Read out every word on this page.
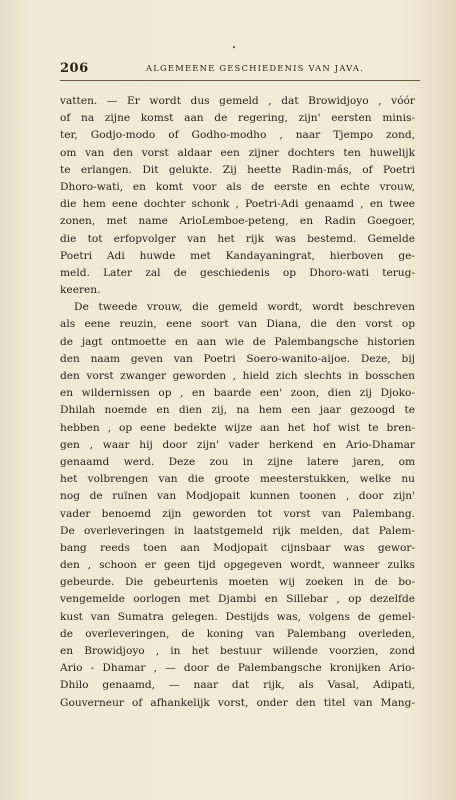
•
206	ALGEMEENE GESCHIEDENIS VAN JAVA.
vatten. — Er wordt dus gemeld , dat Browidjoyo , vóór
of na zijne komst aan de regering, zijn' eersten minis-
ter, Godjo-modo of Godho-modho , naar Tjempo zond,
om van den vorst aldaar een zijner dochters ten huwelijk
te erlangen. Dit gelukte. Zij heette Radin-más, of Poetri
Dhoro-wati, en komt voor als de eerste en echte vrouw,
die hem eene dochter schonk , Poetri-Adi genaamd , en twee
zonen, met name ArioLemboe-peteng, en Radin Goegoer,
die tot erfopvolger van het rijk was bestemd. Gemelde
Poetri Adi huwde met Kandayaningrat, hierboven ge-
meld. Later zal de geschiedenis op Dhoro-wati terug-
keeren.
De tweede vrouw, die gemeld wordt, wordt beschreven
als eene reuzin, eene soort van Diana, die den vorst op
de jagt ontmoette en aan wie de Palembangsche historien
den naam geven van Poetri Soero-wanito-aijoe. Deze, bij
den vorst zwanger geworden , hield zich slechts in bosschen
en wildernissen op , en baarde een' zoon, dien zij Djoko-
Dhilah noemde en dien zij, na hem een jaar gezoogd te
hebben , op eene bedekte wijze aan het hof wist te bren-
gen , waar hij door zijn' vader herkend en Ario-Dhamar
genaamd werd. Deze zou in zijne latere jaren, om
het volbrengen van die groote meesterstukken, welke nu
nog de ruïnen van Modjopait kunnen toonen , door zijn'
vader benoemd zijn geworden tot vorst van Palembang.
De overleveringen in laatstgemeld rijk melden, dat Palem-
bang reeds toen aan Modjopait cijnsbaar was gewor-
den , schoon er geen tijd opgegeven wordt, wanneer zulks
gebeurde. Die gebeurtenis moeten wij zoeken in de bo-
vengemelde oorlogen met Djambi en Sillebar , op dezelfde
kust van Sumatra gelegen. Destijds was, volgens de gemel-
de overleveringen, de koning van Palembang overleden,
en Browidjoyo , in het bestuur willende voorzien, zond
Ario - Dhamar , — door de Palembangsche kronijken Ario-
Dhilo genaamd, — naar dat rijk, als Vasal, Adipati,
Gouverneur of afhankelijk vorst, onder den titel van Mang-
